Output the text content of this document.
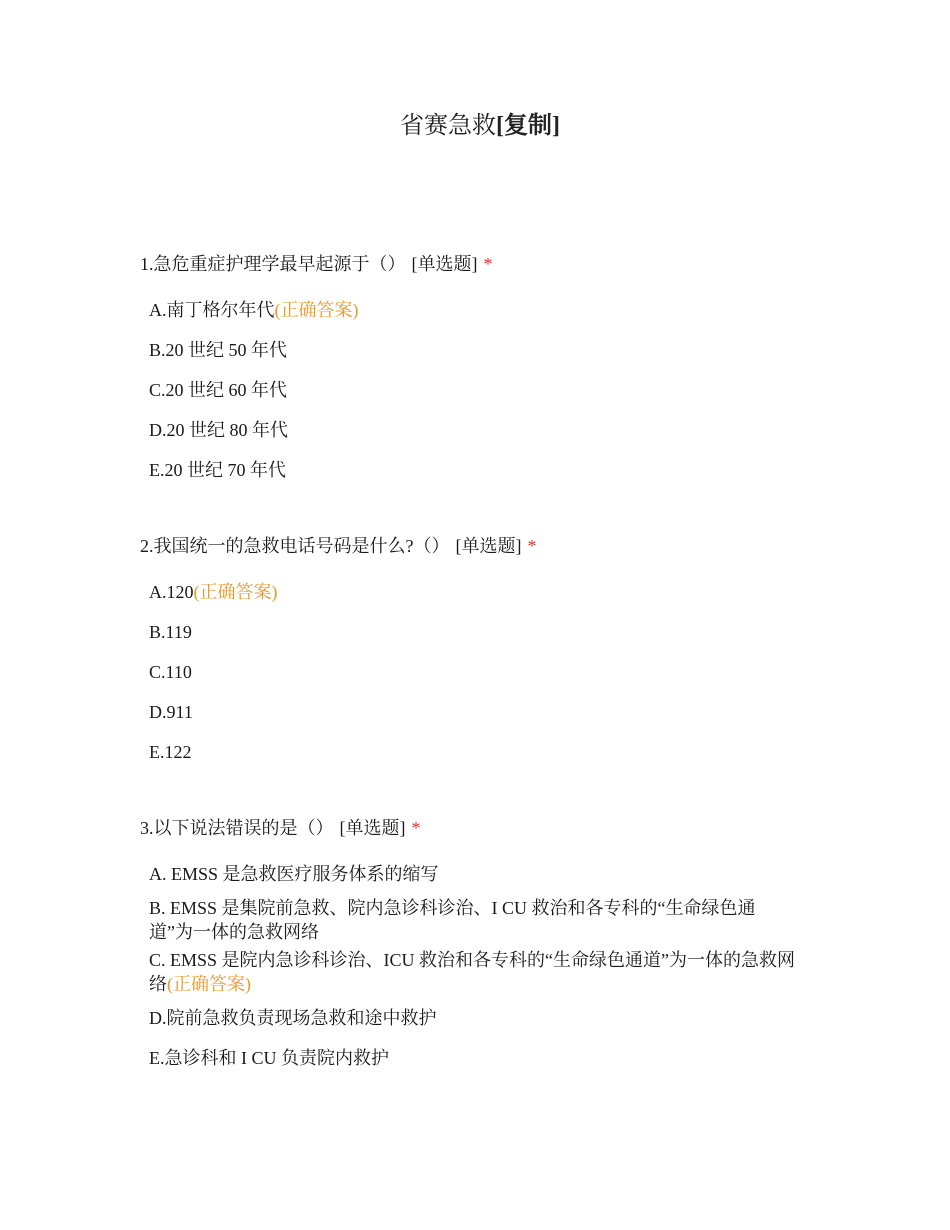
省赛急救[复制]
1.急危重症护理学最早起源于（） [单选题] *
A.南丁格尔年代(正确答案)
B.20 世纪 50 年代
C.20 世纪 60 年代
D.20 世纪 80 年代
E.20 世纪 70 年代
2.我国统一的急救电话号码是什么?（） [单选题] *
A.120(正确答案)
B.119
C.110
D.911
E.122
3.以下说法错误的是（） [单选题] *
A. EMSS 是急救医疗服务体系的缩写
B. EMSS 是集院前急救、院内急诊科诊治、I CU 救治和各专科的“生命绿色通道”为一体的急救网络
C. EMSS 是院内急诊科诊治、ICU 救治和各专科的“生命绿色通道”为一体的急救网络(正确答案)
D.院前急救负责现场急救和途中救护
E.急诊科和 I CU 负责院内救护
